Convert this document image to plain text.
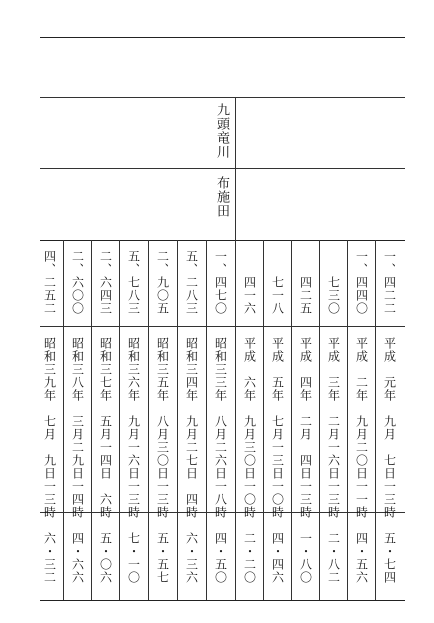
九頭竜川
布施田
一、四二二
平成　元年　九月　七日一三時
五・七四
一、四四〇
平成　二年　九月二〇日一一時
四・五六
七三〇
平成　三年　二月一六日一三時
二・八二
四二五
平成　四年　二月　四日一三時
一・八〇
七一八
平成　五年　七月一三日一〇時
四・四六
四一六
平成　六年　九月三〇日一〇時
二・二〇
一、四七〇
昭和三三年　八月二六日一八時
四・五〇
五、二八三
昭和三四年　九月二七日　四時
六・三六
二、九〇五
昭和三五年　八月三〇日一三時
五・五七
五、七八三
昭和三六年　九月一六日一三時
七・一〇
二、六四三
昭和三七年　五月一四日　六時
五・〇六
二、六〇〇
昭和三八年　三月二九日一四時
四・六六
四、二五二
昭和三九年　七月　九日一三時
六・三二
